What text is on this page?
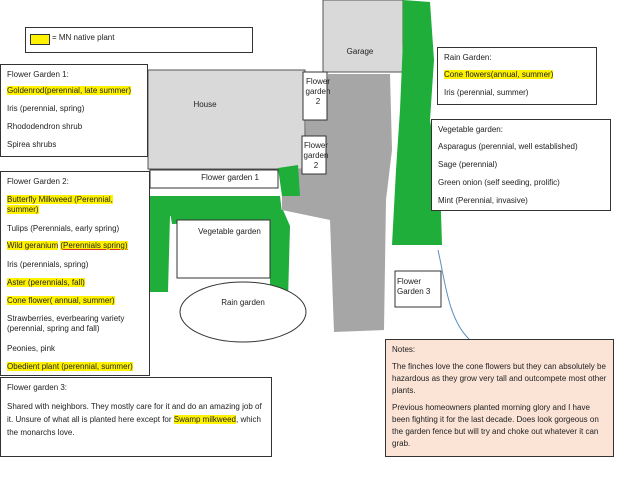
Garage
House
Flower garden 2
Flower garden 2
Flower garden 1
Vegetable garden
Rain garden
Flower Garden 3
= MN native plant
Flower Garden 1:
Goldenrod(perennial, late summer)
Iris (perennial, spring)
Rhododendron shrub
Spirea shrubs
Flower Garden 2:
Butterfly Milkweed (Perennial, summer)
Tulips (Perennials, early spring)
Wild geranium (Perennials spring)
Iris (perennials, spring)
Aster (perennials, fall)
Cone flower( annual, summer)
Strawberries, everbearing variety (perennial, spring and fall)
Peonies, pink
Obedient plant (perennial, summer)
Flower garden 3:
Shared with neighbors. They mostly care for it and do an amazing job of it. Unsure of what all is planted here except for Swamp milkweed, which the monarchs love.
Rain Garden:
Cone flowers(annual, summer)
Iris (perennial, summer)
Vegetable garden:
Asparagus (perennial, well established)
Sage (perennial)
Green onion (self seeding, prolific)
Mint (Perennial, invasive)
Notes:
The finches love the cone flowers but they can absolutely be hazardous as they grow very tall and outcompete most other plants.
Previous homeowners planted morning glory and I have been fighting it for the last decade. Does look gorgeous on the garden fence but will try and choke out whatever it can grab.
